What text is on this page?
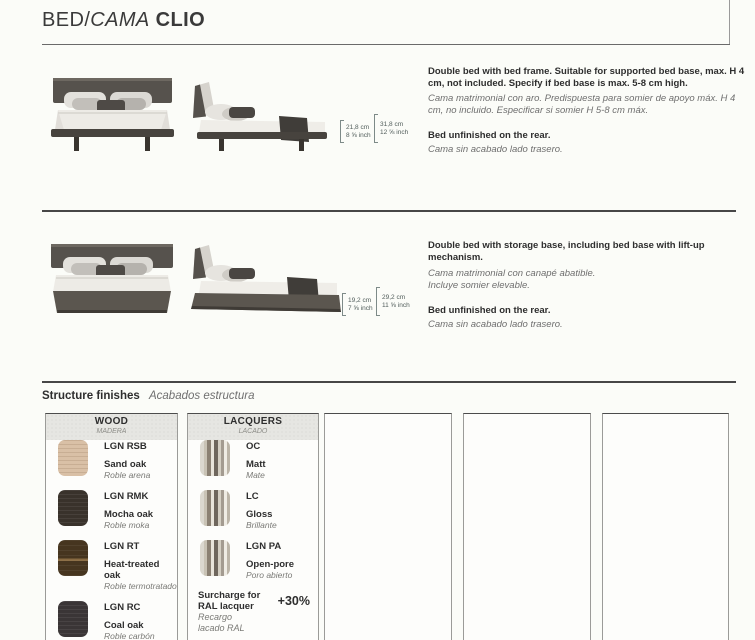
BED/CAMA CLIO
21,8 cm
8 ⅝ inch
31,8 cm
12 ⅝ inch
Double bed with bed frame. Suitable for supported bed base, max. H 4 cm, not included. Specify if bed base is max. 5-8 cm high.
Cama matrimonial con aro. Predispuesta para somier de apoyo máx. H 4 cm, no incluido. Especificar si somier H 5-8 cm máx.
Bed unfinished on the rear.
Cama sin acabado lado trasero.
19,2 cm
7 ⅝ inch
29,2 cm
11 ⅝ inch
Double bed with storage base, including bed base with lift-up mechanism.
Cama matrimonial con canapé abatible.
Incluye somier elevable.
Bed unfinished on the rear.
Cama sin acabado lado trasero.
Structure finishes Acabados estructura
WOOD
MADERA
LGN RSB
Sand oak
Roble arena
LGN RMK
Mocha oak
Roble moka
LGN RT
Heat-treated oak
Roble termotratado
LGN RC
Coal oak
Roble carbón
LACQUERS
LACADO
OC
Matt
Mate
LC
Gloss
Brillante
LGN PA
Open-pore
Poro abierto
Surcharge for RAL lacquer	+30%
Recargo
lacado RAL
